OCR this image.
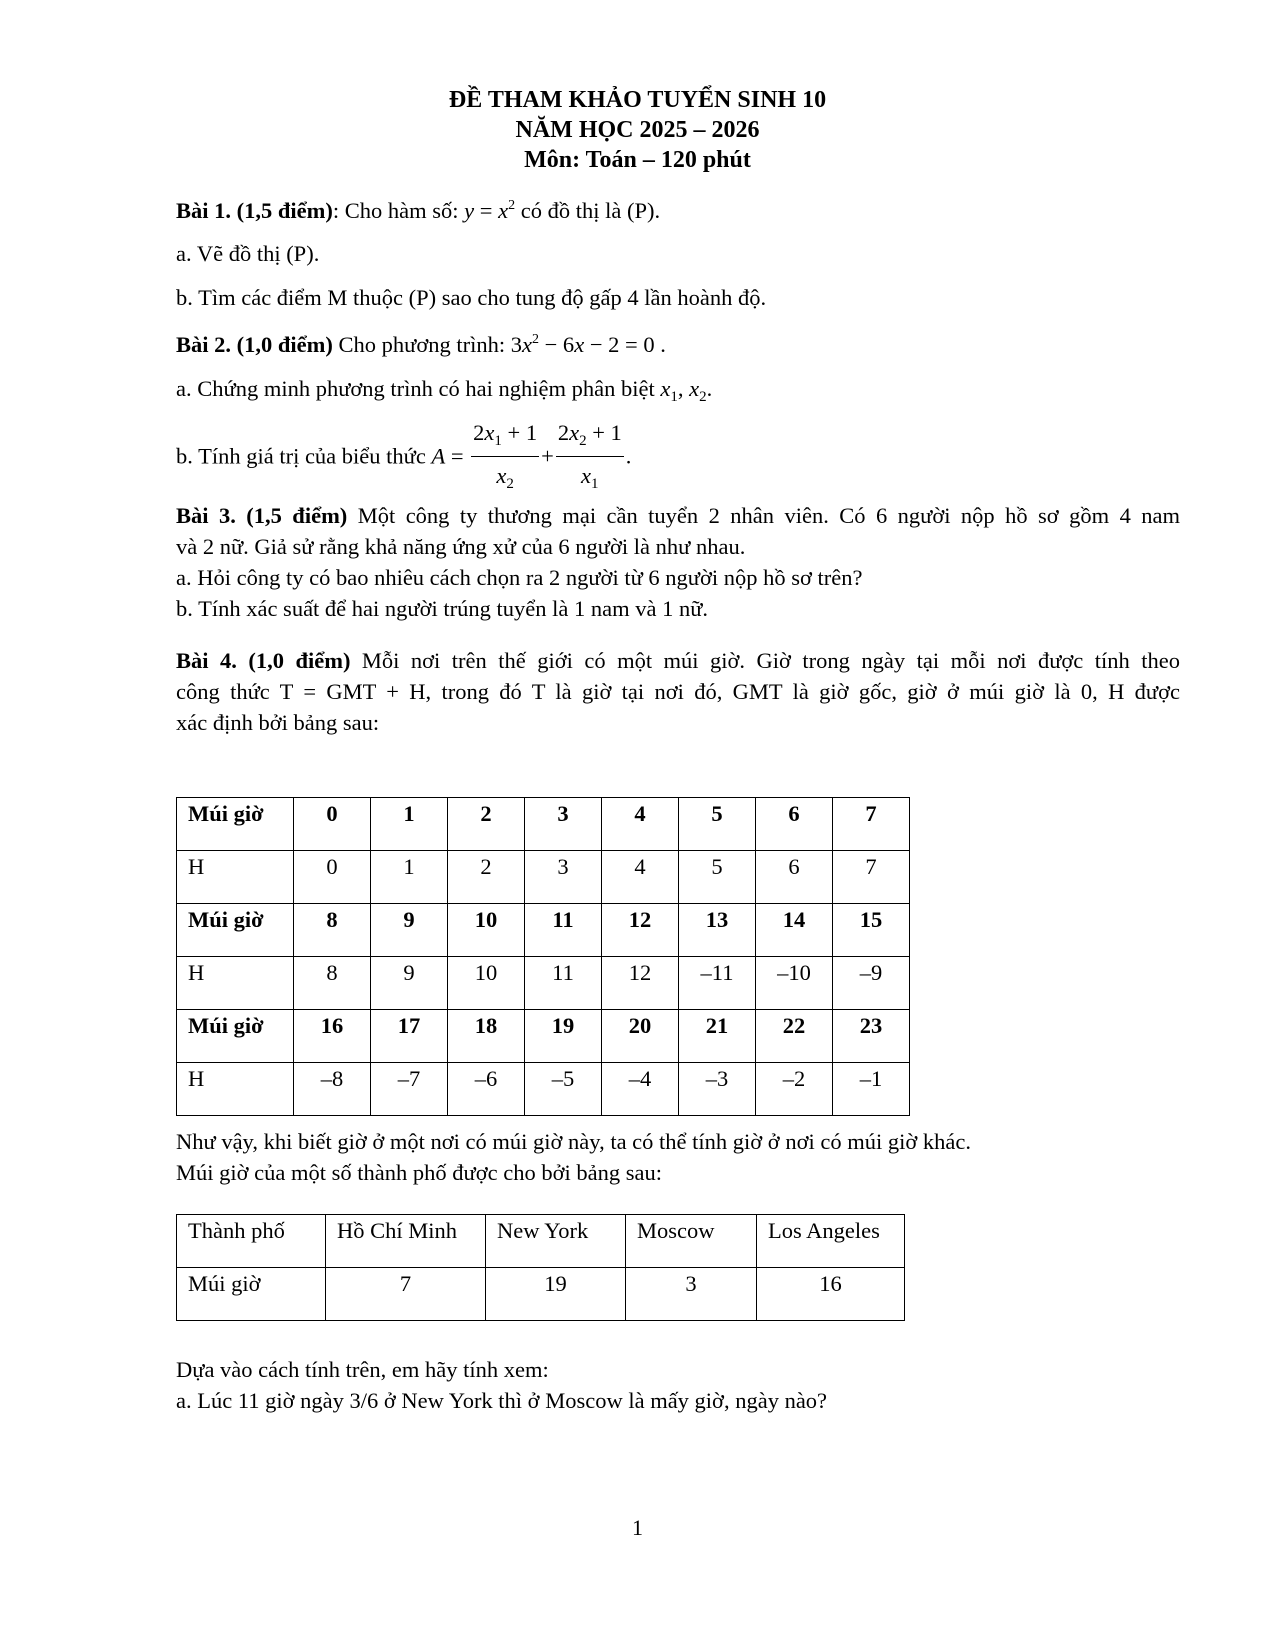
ĐỀ THAM KHẢO TUYỂN SINH 10
NĂM HỌC 2025 – 2026
Môn: Toán – 120 phút
Bài 1. (1,5 điểm): Cho hàm số: $y = x^2$ có đồ thị là (P).
a. Vẽ đồ thị (P).
b. Tìm các điểm M thuộc (P) sao cho tung độ gấp 4 lần hoành độ.
Bài 2. (1,0 điểm) Cho phương trình: $3x^2 - 6x - 2 = 0$ .
a. Chứng minh phương trình có hai nghiệm phân biệt $x_1$, $x_2$.
b. Tính giá trị của biểu thức $A = \frac{2x_1 + 1}{x_2} + \frac{2x_2 + 1}{x_1}$ .
Bài 3. (1,5 điểm) Một công ty thương mại cần tuyển 2 nhân viên. Có 6 người nộp hồ sơ gồm 4 nam
và 2 nữ. Giả sử rằng khả năng ứng xử của 6 người là như nhau.
a. Hỏi công ty có bao nhiêu cách chọn ra 2 người từ 6 người nộp hồ sơ trên?
b. Tính xác suất để hai người trúng tuyển là 1 nam và 1 nữ.
Bài 4. (1,0 điểm) Mỗi nơi trên thế giới có một múi giờ. Giờ trong ngày tại mỗi nơi được tính theo
công thức T = GMT + H, trong đó T là giờ tại nơi đó, GMT là giờ gốc, giờ ở múi giờ là 0, H được
xác định bởi bảng sau:
Múi giờ	0	1	2	3	4	5	6	7

H	0	1	2	3	4	5	6	7

Múi giờ	8	9	10	11	12	13	14	15

H	8	9	10	11	12	–11	–10	–9

Múi giờ	16	17	18	19	20	21	22	23

H	–8	–7	–6	–5	–4	–3	–2	–1
Như vậy, khi biết giờ ở một nơi có múi giờ này, ta có thể tính giờ ở nơi có múi giờ khác.
Múi giờ của một số thành phố được cho bởi bảng sau:
Thành phố	Hồ Chí Minh	New York	Moscow	Los Angeles

Múi giờ	7	19	3	16
Dựa vào cách tính trên, em hãy tính xem:
a. Lúc 11 giờ ngày 3/6 ở New York thì ở Moscow là mấy giờ, ngày nào?
1
